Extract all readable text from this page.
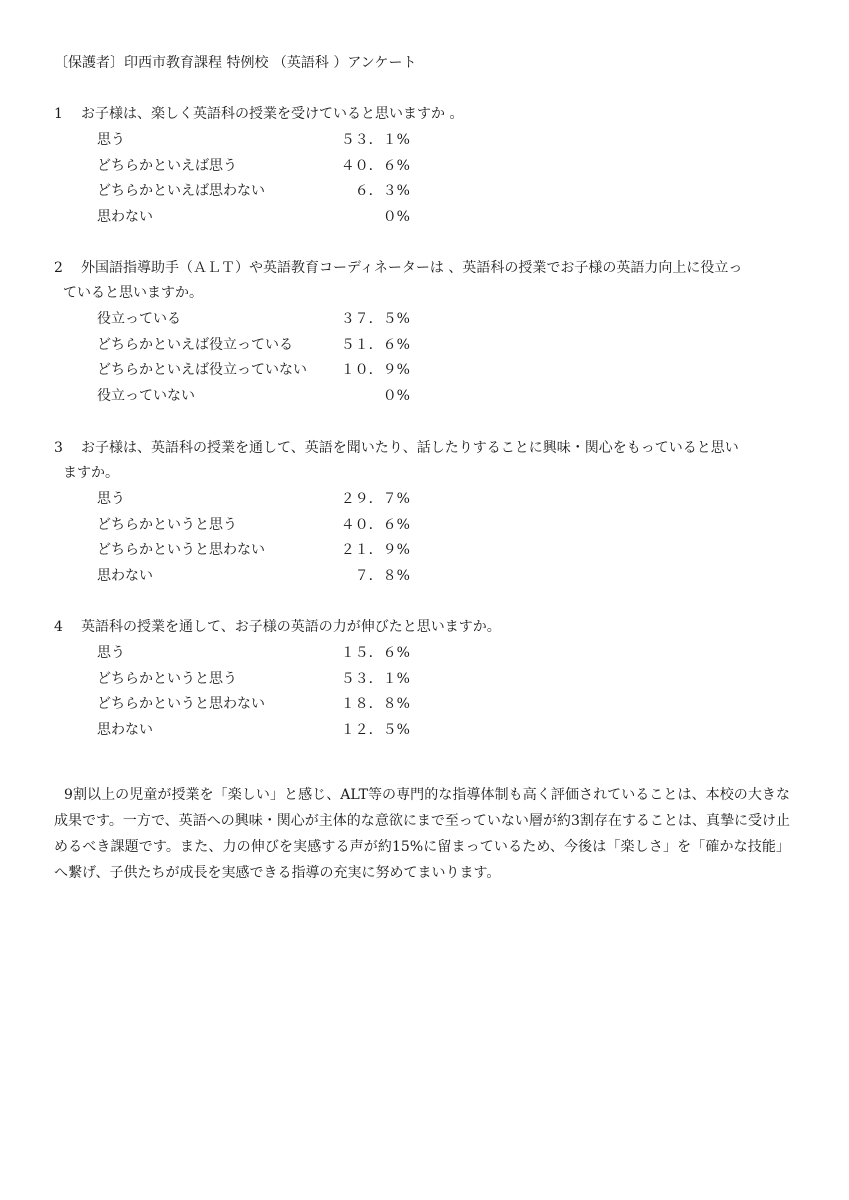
〔保護者〕印西市教育課程 特例校 （英語科 ）アンケート
1 お子様は、楽しく英語科の授業を受けていると思いますか 。
思う	５３．１%
どちらかといえば思う	４０．６%
どちらかといえば思わない	６．３%
思わない	０%
2 外国語指導助手（ＡＬＴ）や英語教育コーディネーターは 、英語科の授業でお子様の英語力向上に役立っ
ていると思いますか。
役立っている	３７．５%
どちらかといえば役立っている	５１．６%
どちらかといえば役立っていない １０．９%
役立っていない	０%
3 お子様は、英語科の授業を通して、英語を聞いたり、話したりすることに興味・関心をもっていると思い
ますか。
思う	２９．７%
どちらかというと思う	４０．６%
どちらかというと思わない	２１．９%
思わない	７．８%
4 英語科の授業を通して、お子様の英語の力が伸びたと思いますか。
思う	１５．６%
どちらかというと思う	５３．１%
どちらかというと思わない	１８．８%
思わない	１２．５%

9割以上の児童が授業を「楽しい」と感じ、ALT等の専門的な指導体制も高く評価されていることは、本校の大きな成果です。一方で、英語への興味・関心が主体的な意欲にまで至っていない層が約3割存在することは、真摯に受け止めるべき課題です。また、力の伸びを実感する声が約15%に留まっているため、今後は「楽しさ」を「確かな技能」へ繋げ、子供たちが成長を実感できる指導の充実に努めてまいります。
